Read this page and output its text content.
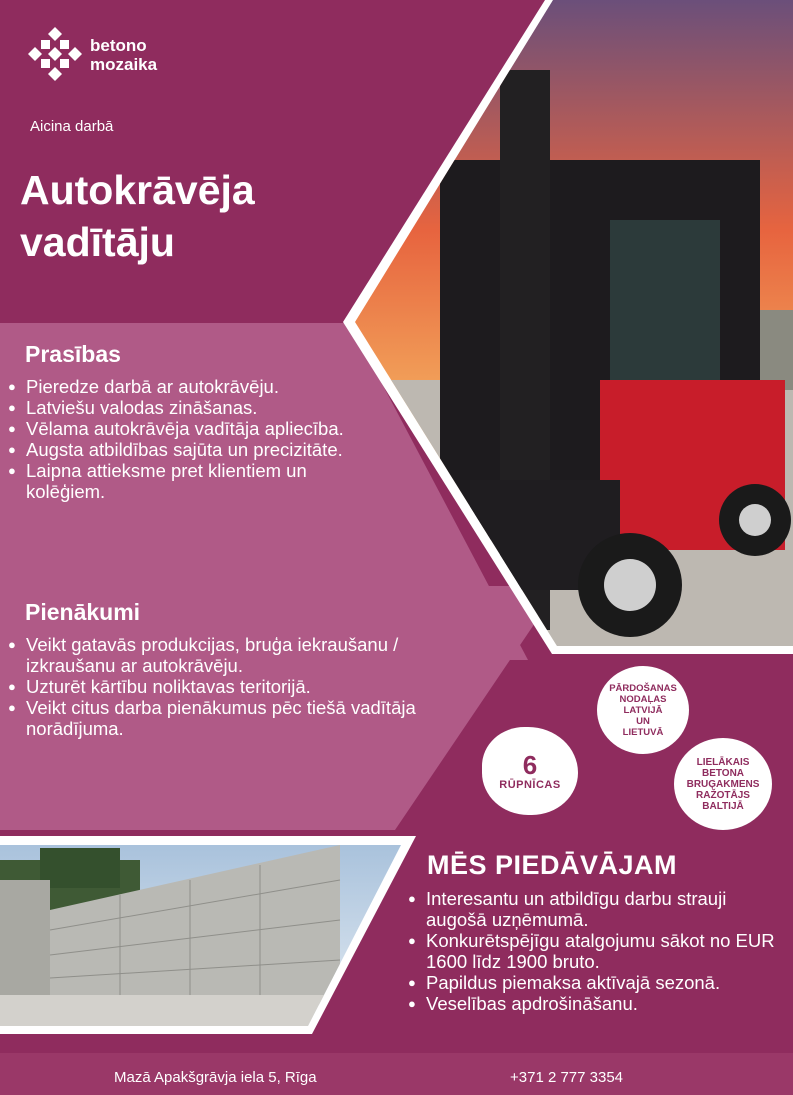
betono
mozaika
Aicina darbā
Autokrāvēja
vadītāju
Prasības
● Pieredze darbā ar autokrāvēju.
● Latviešu valodas zināšanas.
● Vēlama autokrāvēja vadītāja apliecība.
● Augsta atbildības sajūta un precizitāte.
● Laipna attieksme pret klientiem un kolēģiem.
Pienākumi
● Veikt gatavās produkcijas, bruģa iekraušanu / izkraušanu ar autokrāvēju.
● Uzturēt kārtību noliktavas teritorijā.
● Veikt citus darba pienākumus pēc tiešā vadītāja norādījuma.
6
RŪPNĪCAS
PĀRDOŠANAS
NODAĻAS
LATVIJĀ
UN
LIETUVĀ
LIELĀKAIS
BETONA
BRUĢAKMENS
RAŽOTĀJS
BALTIJĀ
MĒS PIEDĀVĀJAM
● Interesantu un atbildīgu darbu strauji augošā uzņēmumā.
● Konkurētspējīgu atalgojumu sākot no EUR 1600 līdz 1900 bruto.
● Papildus piemaksa aktīvajā sezonā.
● Veselības apdrošināšanu.
Mazā Apakšgrāvja iela 5, Rīga	+371 2 777 3354
